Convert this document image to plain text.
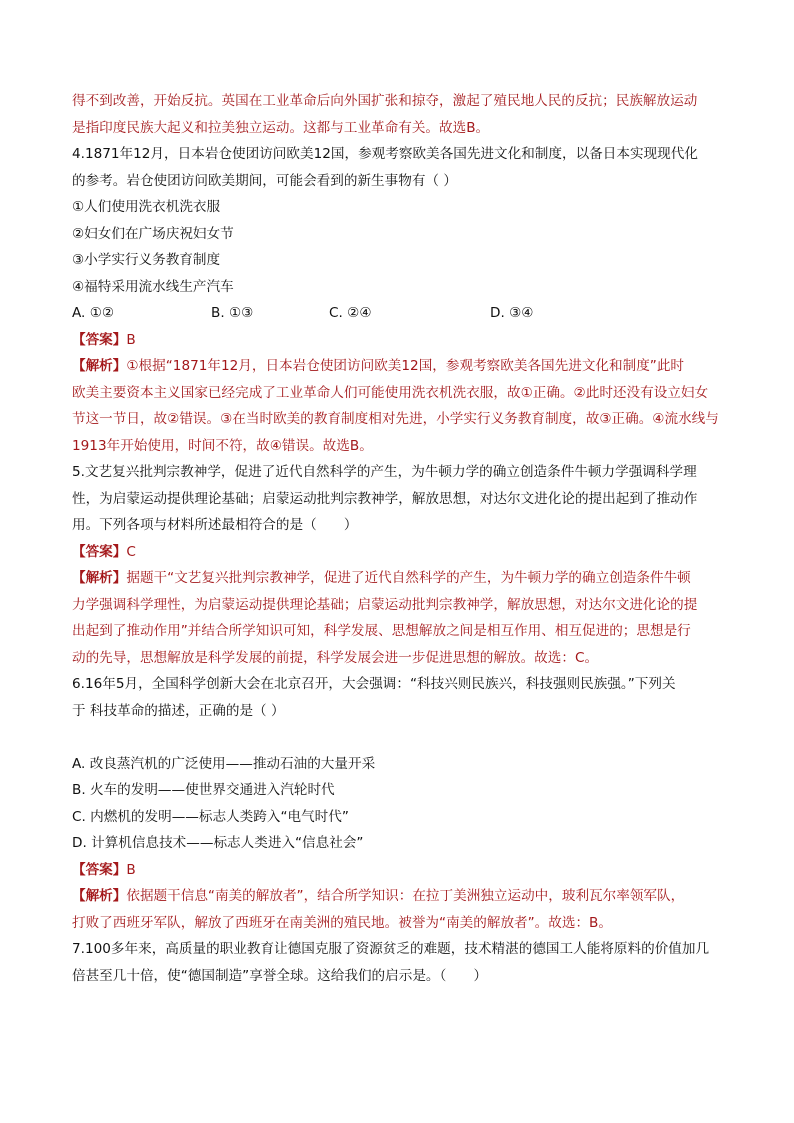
得不到改善，开始反抗。英国在工业革命后向外国扩张和掠夺，激起了殖民地人民的反抗；民族解放运动
是指印度民族大起义和拉美独立运动。这都与工业革命有关。故选B。
4.1871年12月，日本岩仓使团访问欧美12国，参观考察欧美各国先进文化和制度，以备日本实现现代化
的参考。岩仓使团访问欧美期间，可能会看到的新生事物有（ ）
①人们使用洗衣机洗衣服
②妇女们在广场庆祝妇女节
③小学实行义务教育制度
④福特采用流水线生产汽车
A. ①②	B. ①③	C. ②④	D. ③④
【答案】B
【解析】①根据“1871年12月，日本岩仓使团访问欧美12国，参观考察欧美各国先进文化和制度”此时
欧美主要资本主义国家已经完成了工业革命人们可能使用洗衣机洗衣服，故①正确。②此时还没有设立妇女
节这一节日，故②错误。③在当时欧美的教育制度相对先进，小学实行义务教育制度，故③正确。④流水线与
1913年开始使用，时间不符，故④错误。故选B。
5.文艺复兴批判宗教神学，促进了近代自然科学的产生，为牛顿力学的确立创造条件牛顿力学强调科学理
性，为启蒙运动提供理论基础；启蒙运动批判宗教神学，解放思想，对达尔文进化论的提出起到了推动作
用。下列各项与材料所述最相符合的是（　　）
【答案】C
【解析】据题干“文艺复兴批判宗教神学，促进了近代自然科学的产生，为牛顿力学的确立创造条件牛顿
力学强调科学理性，为启蒙运动提供理论基础；启蒙运动批判宗教神学，解放思想，对达尔文进化论的提
出起到了推动作用”并结合所学知识可知，科学发展、思想解放之间是相互作用、相互促进的；思想是行
动的先导，思想解放是科学发展的前提，科学发展会进一步促进思想的解放。故选：C。
6.16年5月，全国科学创新大会在北京召开，大会强调：“科技兴则民族兴，科技强则民族强。”下列关
于 科技革命的描述，正确的是（ ）
A. 改良蒸汽机的广泛使用——推动石油的大量开采
B. 火车的发明——使世界交通进入汽轮时代
C. 内燃机的发明——标志人类跨入“电气时代”
D. 计算机信息技术——标志人类进入“信息社会”
【答案】B
【解析】依据题干信息“南美的解放者”，结合所学知识：在拉丁美洲独立运动中，玻利瓦尔率领军队，
打败了西班牙军队，解放了西班牙在南美洲的殖民地。被誉为“南美的解放者”。故选：B。
7.100多年来，高质量的职业教育让德国克服了资源贫乏的难题，技术精湛的德国工人能将原料的价值加几
倍甚至几十倍，使“德国制造”享誉全球。这给我们的启示是。（　　）
